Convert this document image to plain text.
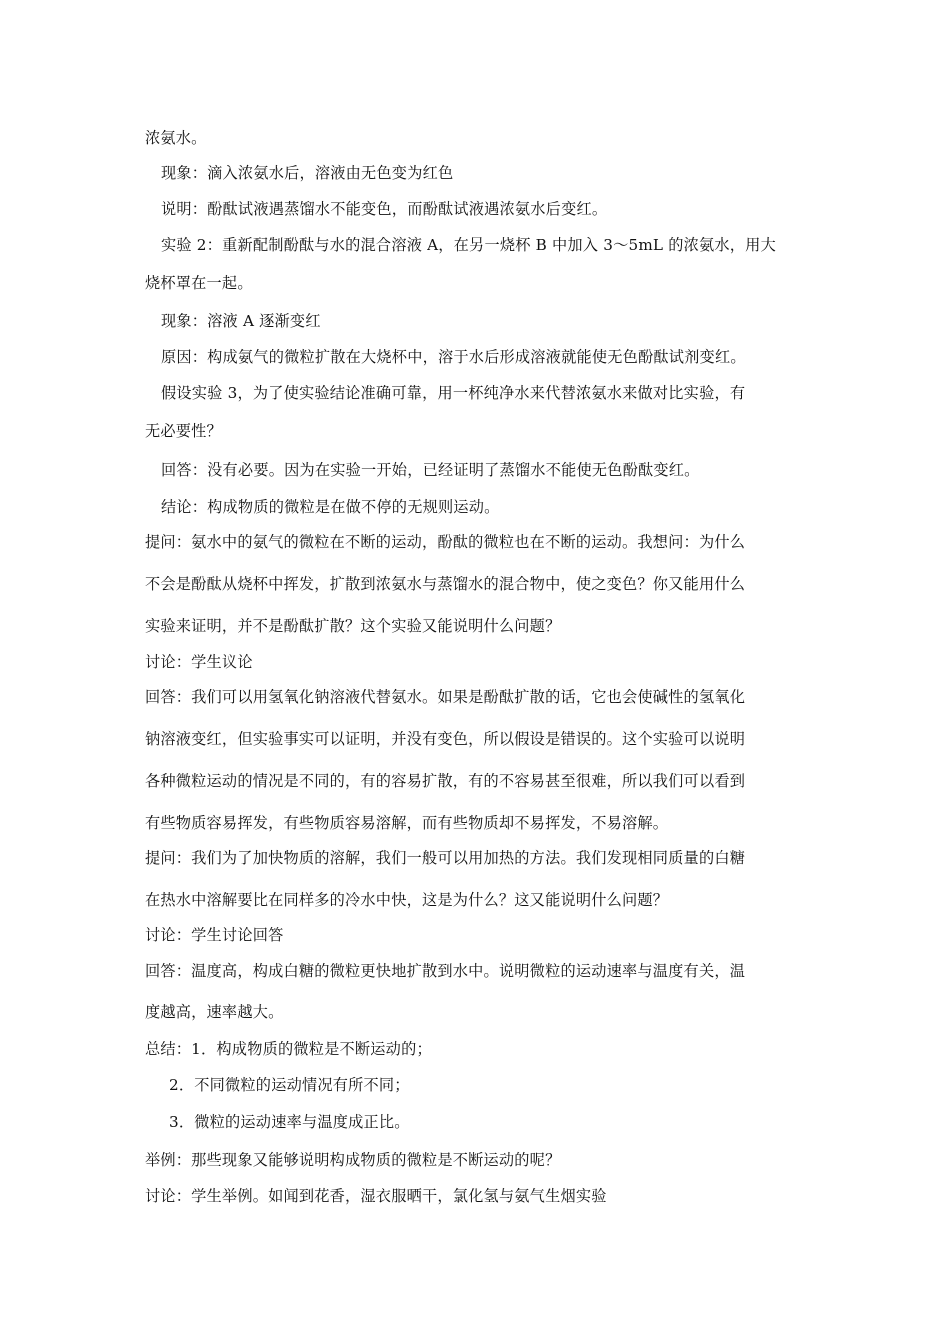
浓氨水。
现象：滴入浓氨水后，溶液由无色变为红色
说明：酚酞试液遇蒸馏水不能变色，而酚酞试液遇浓氨水后变红。
实验 2：重新配制酚酞与水的混合溶液 A，在另一烧杯 B 中加入 3～5mL 的浓氨水，用大
烧杯罩在一起。
现象：溶液 A 逐渐变红
原因：构成氨气的微粒扩散在大烧杯中，溶于水后形成溶液就能使无色酚酞试剂变红。
假设实验 3，为了使实验结论准确可靠，用一杯纯净水来代替浓氨水来做对比实验，有
无必要性？
回答：没有必要。因为在实验一开始，已经证明了蒸馏水不能使无色酚酞变红。
结论：构成物质的微粒是在做不停的无规则运动。
提问：氨水中的氨气的微粒在不断的运动，酚酞的微粒也在不断的运动。我想问：为什么
不会是酚酞从烧杯中挥发，扩散到浓氨水与蒸馏水的混合物中，使之变色？你又能用什么
实验来证明，并不是酚酞扩散？这个实验又能说明什么问题？
讨论：学生议论
回答：我们可以用氢氧化钠溶液代替氨水。如果是酚酞扩散的话，它也会使碱性的氢氧化
钠溶液变红，但实验事实可以证明，并没有变色，所以假设是错误的。这个实验可以说明
各种微粒运动的情况是不同的，有的容易扩散，有的不容易甚至很难，所以我们可以看到
有些物质容易挥发，有些物质容易溶解，而有些物质却不易挥发，不易溶解。
提问：我们为了加快物质的溶解，我们一般可以用加热的方法。我们发现相同质量的白糖
在热水中溶解要比在同样多的冷水中快，这是为什么？这又能说明什么问题？
讨论：学生讨论回答
回答：温度高，构成白糖的微粒更快地扩散到水中。说明微粒的运动速率与温度有关，温
度越高，速率越大。
总结：1．构成物质的微粒是不断运动的；
2．不同微粒的运动情况有所不同；
3．微粒的运动速率与温度成正比。
举例：那些现象又能够说明构成物质的微粒是不断运动的呢？
讨论：学生举例。如闻到花香，湿衣服晒干，氯化氢与氨气生烟实验
